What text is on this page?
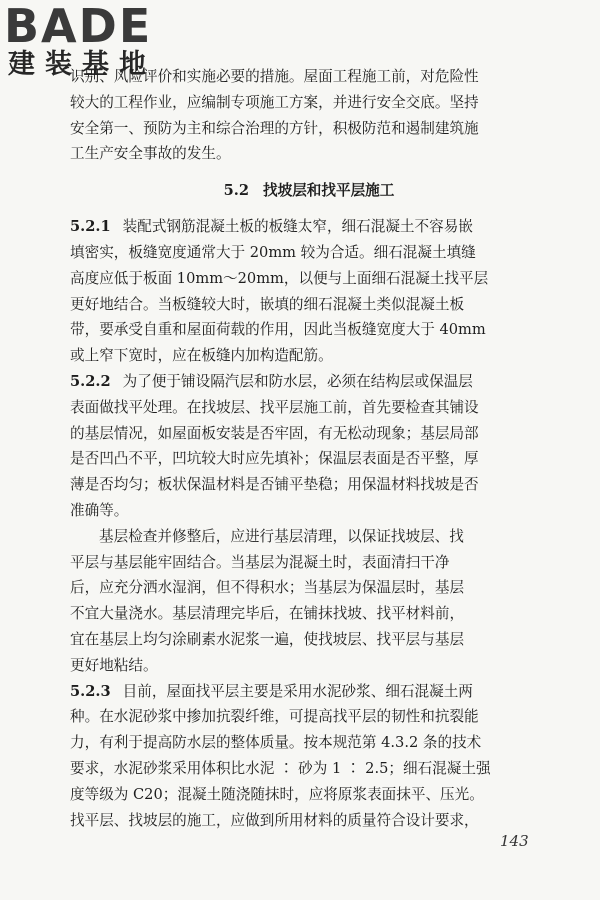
BADE
建装基地
识别、风险评价和实施必要的措施。屋面工程施工前，对危险性
较大的工程作业，应编制专项施工方案，并进行安全交底。坚持
安全第一、预防为主和综合治理的方针，积极防范和遏制建筑施
工生产安全事故的发生。
5.2 找坡层和找平层施工
5.2.1 装配式钢筋混凝土板的板缝太窄，细石混凝土不容易嵌
填密实，板缝宽度通常大于 20mm 较为合适。细石混凝土填缝
高度应低于板面 10mm～20mm，以便与上面细石混凝土找平层
更好地结合。当板缝较大时，嵌填的细石混凝土类似混凝土板
带，要承受自重和屋面荷载的作用，因此当板缝宽度大于 40mm
或上窄下宽时，应在板缝内加构造配筋。
5.2.2 为了便于铺设隔汽层和防水层，必须在结构层或保温层
表面做找平处理。在找坡层、找平层施工前，首先要检查其铺设
的基层情况，如屋面板安装是否牢固，有无松动现象；基层局部
是否凹凸不平，凹坑较大时应先填补；保温层表面是否平整，厚
薄是否均匀；板状保温材料是否铺平垫稳；用保温材料找坡是否
准确等。
基层检查并修整后，应进行基层清理，以保证找坡层、找
平层与基层能牢固结合。当基层为混凝土时，表面清扫干净
后，应充分洒水湿润，但不得积水；当基层为保温层时，基层
不宜大量浇水。基层清理完毕后，在铺抹找坡、找平材料前，
宜在基层上均匀涂刷素水泥浆一遍，使找坡层、找平层与基层
更好地粘结。
5.2.3 目前，屋面找平层主要是采用水泥砂浆、细石混凝土两
种。在水泥砂浆中掺加抗裂纤维，可提高找平层的韧性和抗裂能
力，有利于提高防水层的整体质量。按本规范第 4.3.2 条的技术
要求，水泥砂浆采用体积比水泥 ∶ 砂为 1 ∶ 2.5；细石混凝土强
度等级为 C20；混凝土随浇随抹时，应将原浆表面抹平、压光。
找平层、找坡层的施工，应做到所用材料的质量符合设计要求，
143
